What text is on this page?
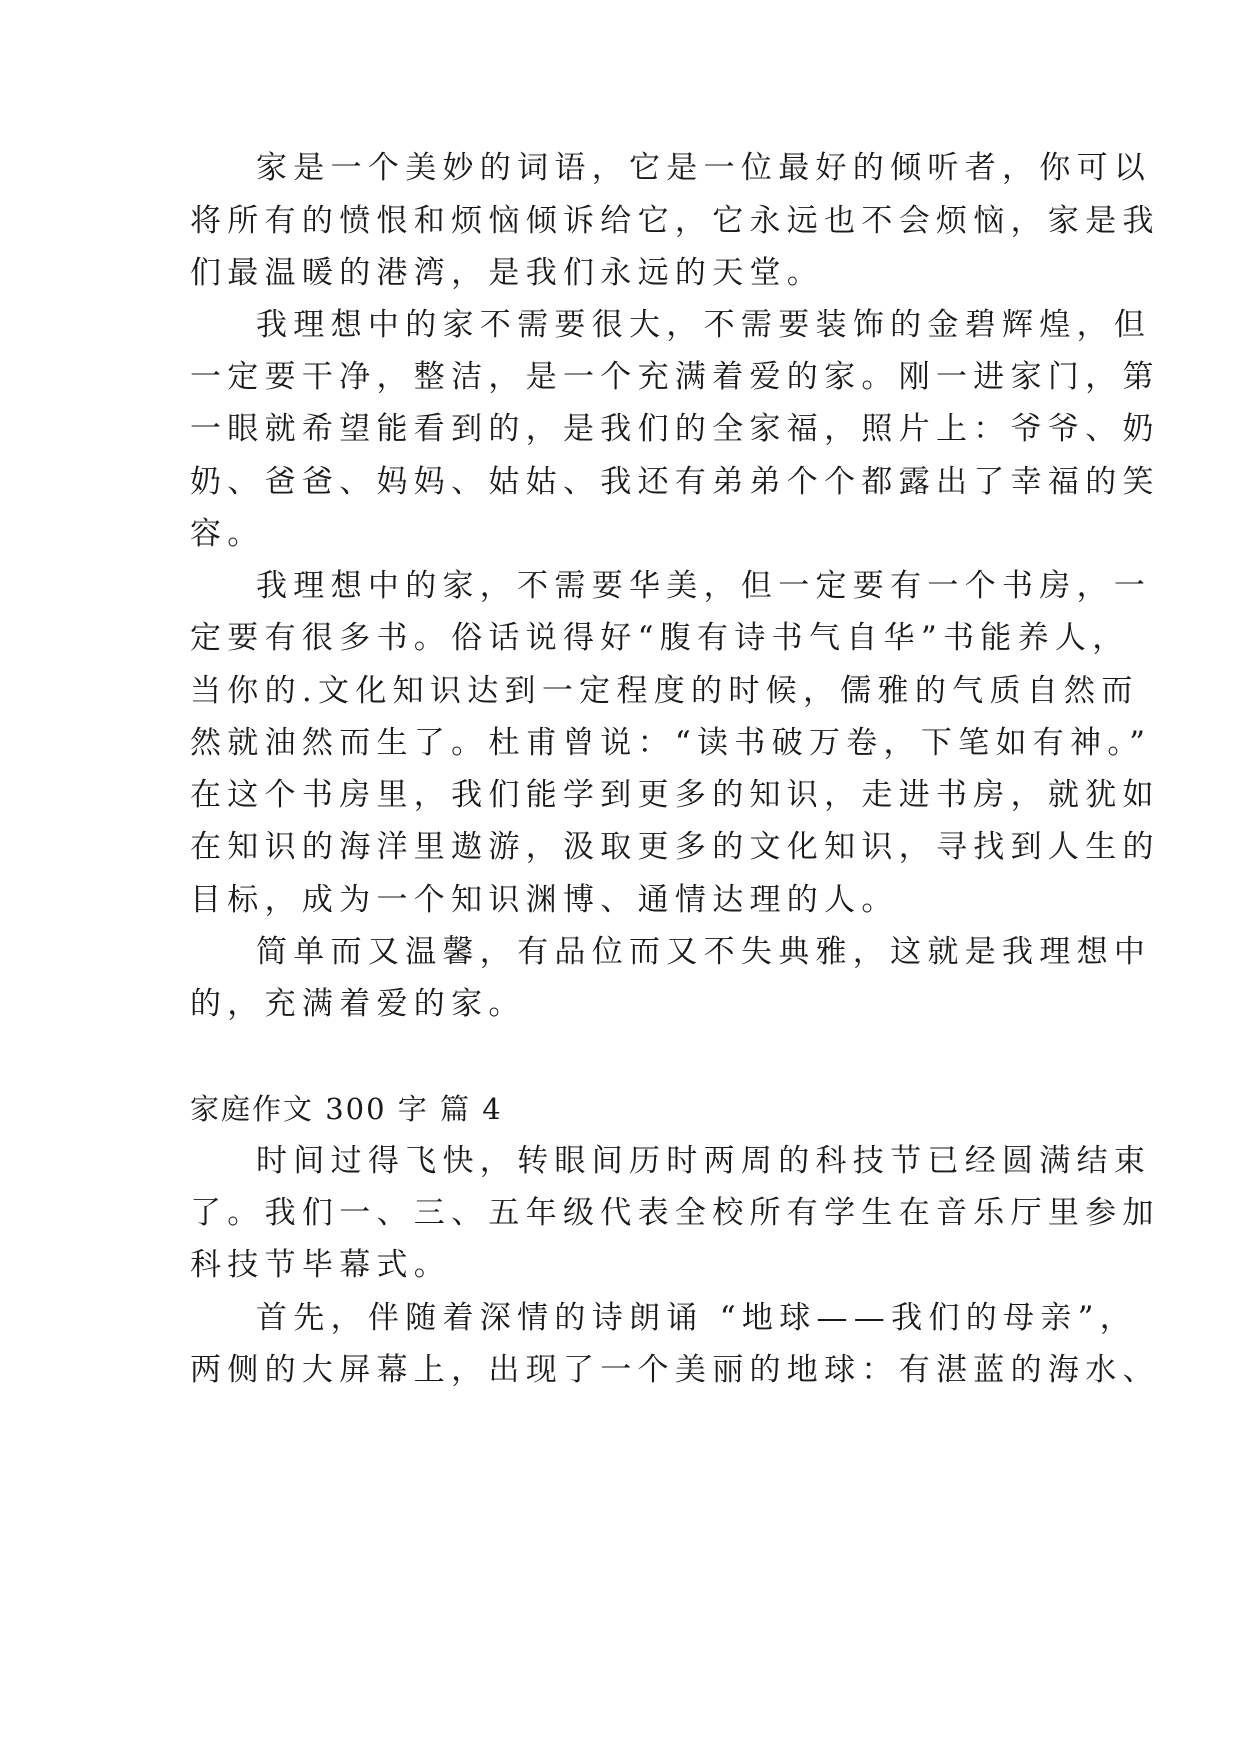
家是一个美妙的词语，它是一位最好的倾听者，你可以
将所有的愤恨和烦恼倾诉给它，它永远也不会烦恼，家是我
们最温暖的港湾，是我们永远的天堂。
我理想中的家不需要很大，不需要装饰的金碧辉煌，但
一定要干净，整洁，是一个充满着爱的家。刚一进家门，第
一眼就希望能看到的，是我们的全家福，照片上：爷爷、奶
奶、爸爸、妈妈、姑姑、我还有弟弟个个都露出了幸福的笑
容。
我理想中的家，不需要华美，但一定要有一个书房，一
定要有很多书。俗话说得好“腹有诗书气自华”书能养人，
当你的.文化知识达到一定程度的时候，儒雅的气质自然而
然就油然而生了。杜甫曾说：“读书破万卷，下笔如有神。”
在这个书房里，我们能学到更多的知识，走进书房，就犹如
在知识的海洋里遨游，汲取更多的文化知识，寻找到人生的
目标，成为一个知识渊博、通情达理的人。
简单而又温馨，有品位而又不失典雅，这就是我理想中
的，充满着爱的家。
家庭作文 300 字 篇 4
时间过得飞快，转眼间历时两周的科技节已经圆满结束
了。我们一、三、五年级代表全校所有学生在音乐厅里参加
科技节毕幕式。
首先，伴随着深情的诗朗诵 “地球——我们的母亲”，
两侧的大屏幕上，出现了一个美丽的地球：有湛蓝的海水、
